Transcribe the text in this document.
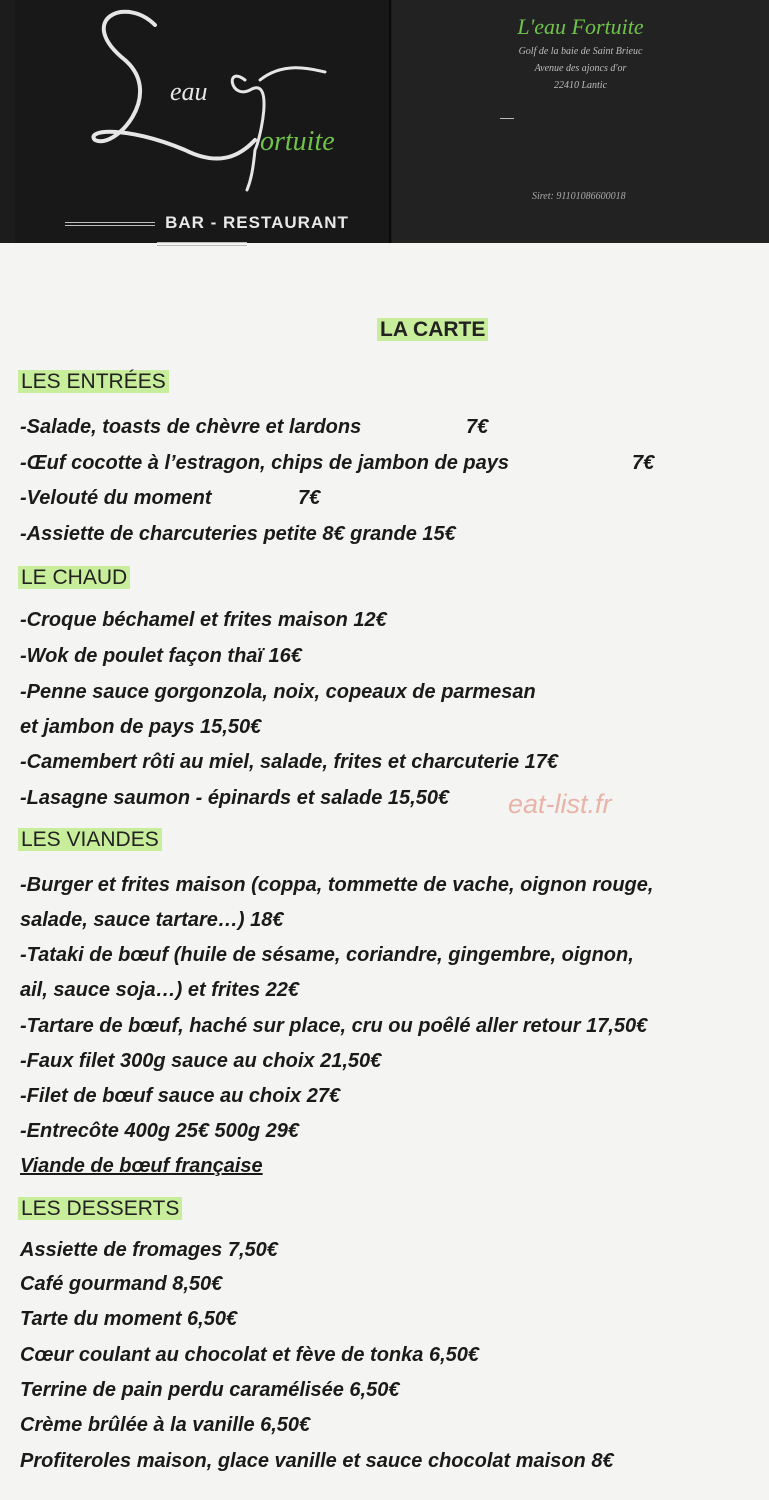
eau
ortuite
BAR - RESTAURANT
L'eau Fortuite
Golf de la baie de Saint Brieuc
Avenue des ajoncs d'or
22410 Lantic
Siret: 91101086600018
LA CARTE
LES ENTRÉES
-Salade, toasts de chèvre et lardons	7€
-Œuf cocotte à l’estragon, chips de jambon de pays	7€
-Velouté du moment	7€
-Assiette de charcuteries petite 8€ grande 15€
LE CHAUD
-Croque béchamel et frites maison 12€
-Wok de poulet façon thaï 16€
-Penne sauce gorgonzola, noix, copeaux de parmesan
et jambon de pays 15,50€
-Camembert rôti au miel, salade, frites et charcuterie 17€
-Lasagne saumon - épinards et salade 15,50€ eat-list.fr
LES VIANDES
-Burger et frites maison (coppa, tommette de vache, oignon rouge,
salade, sauce tartare…) 18€
-Tataki de bœuf (huile de sésame, coriandre, gingembre, oignon,
ail, sauce soja…) et frites 22€
-Tartare de bœuf, haché sur place, cru ou poêlé aller retour 17,50€
-Faux filet 300g sauce au choix 21,50€
-Filet de bœuf sauce au choix 27€
-Entrecôte 400g 25€ 500g 29€
Viande de bœuf française
LES DESSERTS
Assiette de fromages 7,50€
Café gourmand 8,50€
Tarte du moment 6,50€
Cœur coulant au chocolat et fève de tonka 6,50€
Terrine de pain perdu caramélisée 6,50€
Crème brûlée à la vanille 6,50€
Profiteroles maison, glace vanille et sauce chocolat maison 8€
